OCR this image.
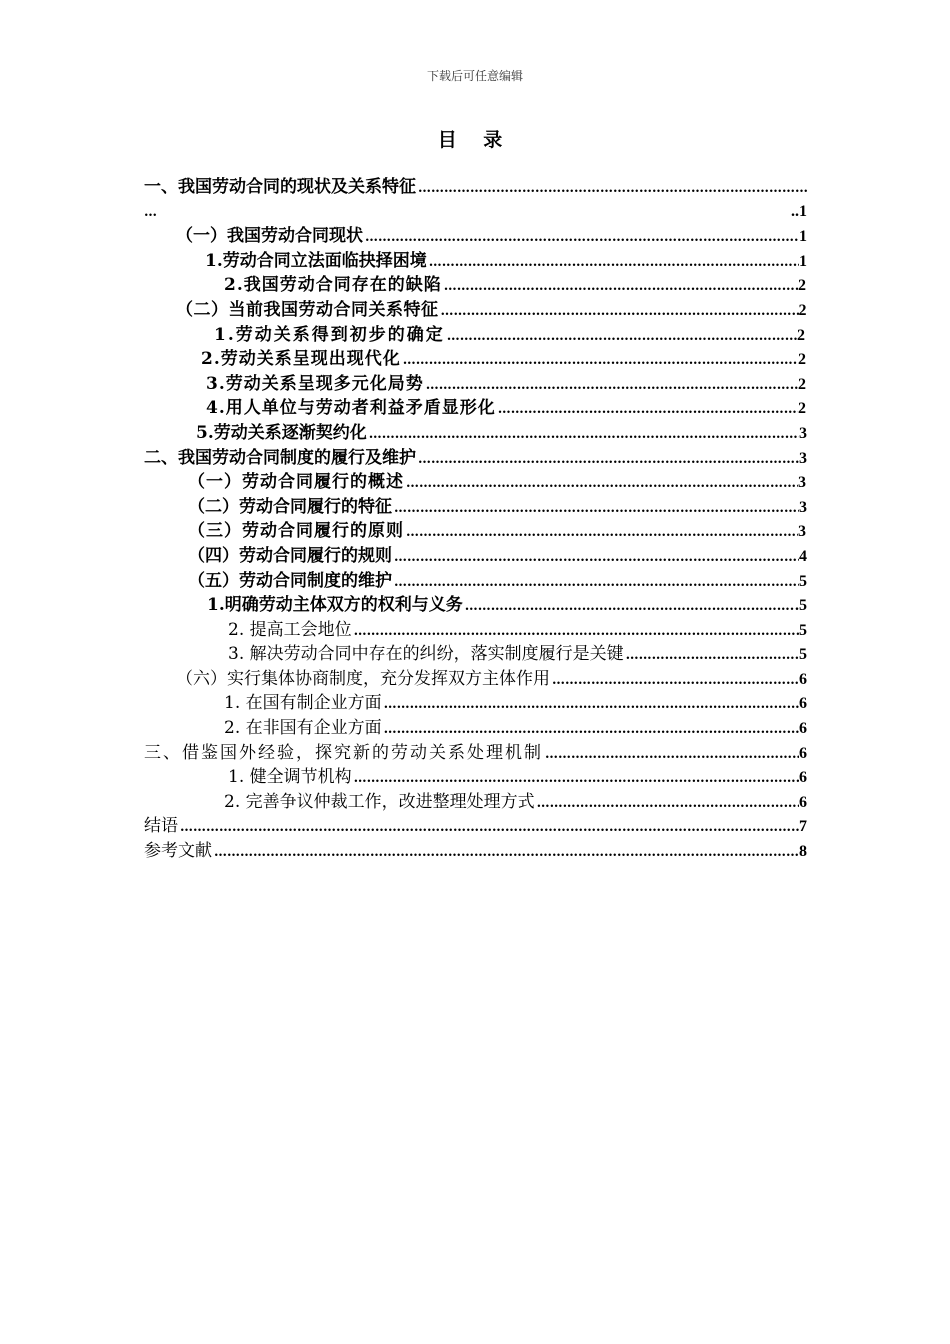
下载后可任意编辑
目 录
一、我国劳动合同的现状及关系特征
……………………………………………………………………………………………………………………………………………………………………
…	..1
（一）我国劳动合同现状 ……………………………………………………………………………………………………………………………………………………………………………………………………………………	1
1.劳动合同立法面临抉择困境 ……………………………………………………………………………………………………………………………………………………………………………………………………………………	1
2.我国劳动合同存在的缺陷 ……………………………………………………………………………………………………………………………………………………………………………………………………………………	2
（二）当前我国劳动合同关系特征 ……………………………………………………………………………………………………………………………………………………………………………………………………………………	2
1.劳动关系得到初步的确定 ……………………………………………………………………………………………………………………………………………………………………………………………………………………	2
2.劳动关系呈现出现代化 ……………………………………………………………………………………………………………………………………………………………………………………………………………………	2
3.劳动关系呈现多元化局势 ……………………………………………………………………………………………………………………………………………………………………………………………………………………	2
4.用人单位与劳动者利益矛盾显形化 ……………………………………………………………………………………………………………………………………………………………………………………………………………………	2
5.劳动关系逐渐契约化 ……………………………………………………………………………………………………………………………………………………………………………………………………………………	3
二、我国劳动合同制度的履行及维护 ……………………………………………………………………………………………………………………………………………………………………………………………………………………	3
（一）劳动合同履行的概述 ……………………………………………………………………………………………………………………………………………………………………………………………………………………	3
（二）劳动合同履行的特征 ……………………………………………………………………………………………………………………………………………………………………………………………………………………	3
（三）劳动合同履行的原则 ……………………………………………………………………………………………………………………………………………………………………………………………………………………	3
（四）劳动合同履行的规则 ……………………………………………………………………………………………………………………………………………………………………………………………………………………	4
（五）劳动合同制度的维护 ……………………………………………………………………………………………………………………………………………………………………………………………………………………	5
1.明确劳动主体双方的权利与义务 ……………………………………………………………………………………………………………………………………………………………………………………………………………………	.5
2. 提高工会地位 ……………………………………………………………………………………………………………………………………………………………………………………………………………………	5
3. 解决劳动合同中存在的纠纷，落实制度履行是关键 ……………………………………………………………………………………………………………………………………………………………………………………………………………………	5
（六）实行集体协商制度，充分发挥双方主体作用 ……………………………………………………………………………………………………………………………………………………………………………………………………………………	6
1. 在国有制企业方面 ……………………………………………………………………………………………………………………………………………………………………………………………………………………	6
2. 在非国有企业方面 ……………………………………………………………………………………………………………………………………………………………………………………………………………………	6
三、借鉴国外经验，探究新的劳动关系处理机制 ……………………………………………………………………………………………………………………………………………………………………………………………………………………	6
1. 健全调节机构 ……………………………………………………………………………………………………………………………………………………………………………………………………………………	6
2. 完善争议仲裁工作，改进整理处理方式 ……………………………………………………………………………………………………………………………………………………………………………………………………………………	6
结语 ……………………………………………………………………………………………………………………………………………………………………………………………………………………	7
参考文献 ……………………………………………………………………………………………………………………………………………………………………………………………………………………	8
